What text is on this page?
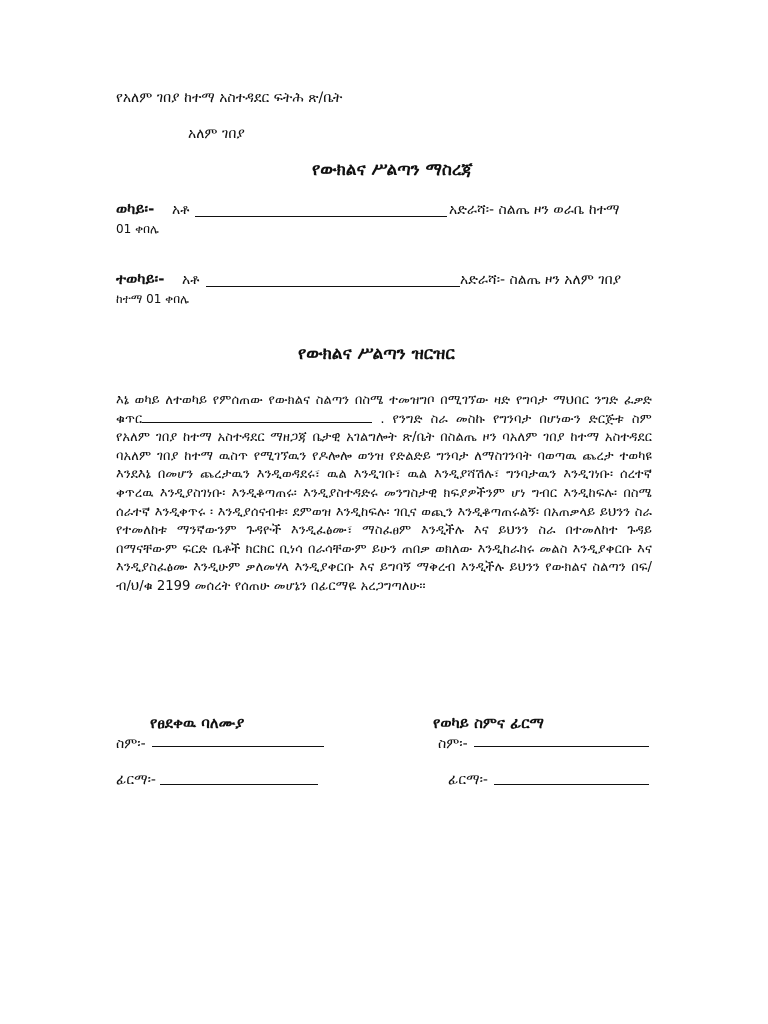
የአለም ገበያ ከተማ አስተዳደር ፍትሕ ጽ/ቤት
አለም ገበያ
የውክልና ሥልጣን ማስረጃ
ወካይ፡- አቶ	አድራሻ፡- ስልጤ ዞን ወራቤ ከተማ
01 ቀበሌ
ተወካይ፡- አቶ	አድራሻ፡- ስልጤ ዞን አለም ገበያ
ከተማ 01 ቀበሌ
የውክልና ሥልጣን ዝርዝር
እኔ ወካይ ለተወካይ የምሰጠው የውክልና ስልጣን በስሜ ተመዝግቦ በሚገኘው ዛድ የግባታ ማህበር ንግድ ፈቃድ ቁጥር	. የንግድ ስራ መስኩ የግንባታ በሆነውን ድርጅቱ ስም የአለም ገበያ ከተማ አስተዳደር ማዘጋጃ ቤታዊ አገልግሎት ጽ/ቤት በስልጤ ዞን ባአለም ገበያ ከተማ አስተዳደር ባአለም ገበያ ከተማ ዉስጥ የሚገኘዉን የዶሎሎ ወንዝ የድልድይ ግንባታ ለማስገንባት ባወጣዉ ጨረታ ተወካዩ እንደእኔ በመሆን ጨረታዉን እንዲወዳደሩ፣ ዉል እንዲገቡ፣ ዉል እንዲያሻሽሉ፣ ግንባታዉን እንዲገነቡ፡ ሰረተኛ ቀጥረዉ እንዲያስገነቡ፡ እንዲቆጣጠሩ፡ እንዲያስተዳድሩ መንግስታዊ ክፍያዎችንም ሆነ ግብር እንዲከፍሉ፡ በስሜ ሰራተኛ እንዲቀጥሩ ፡ እንዲያሰናብቱ፡ ደምወዝ እንዲከፍሉ፡ ገቢና ወጪን እንዲቆጣጠሩልኝ፡ በአጠቃላይ ይህንን ስራ የተመለከቱ ማንኛውንም ጉዳዮች እንዲፈፅሙ፣ ማስፈፀም እንዲችሉ እና ይህንን ስራ በተመለከተ ጉዳይ በማናቸውም ፍርድ ቤቶች ክርክር ቢነሳ በራሳቸውም ይሁን ጠበቃ ወክለው እንዲከራከሩ መልስ እንዲያቀርቡ እና እንዲያስፈፅሙ እንዲሁም ቃለመሃላ እንዲያቀርቡ እና ይግባኝ ማቅረብ እንዲችሉ ይህንን የውክልና ስልጣን በፍ/ብ/ህ/ቁ 2199 መሰረት የሰጠሁ መሆኔን በፊርማዬ አረጋግጣለሁ፡፡
የፀደቀዉ ባለሙያ	የወካይ ስምና ፊርማ
ስም፡-	ስም፡-
ፊርማ፡-	ፊርማ፡-
